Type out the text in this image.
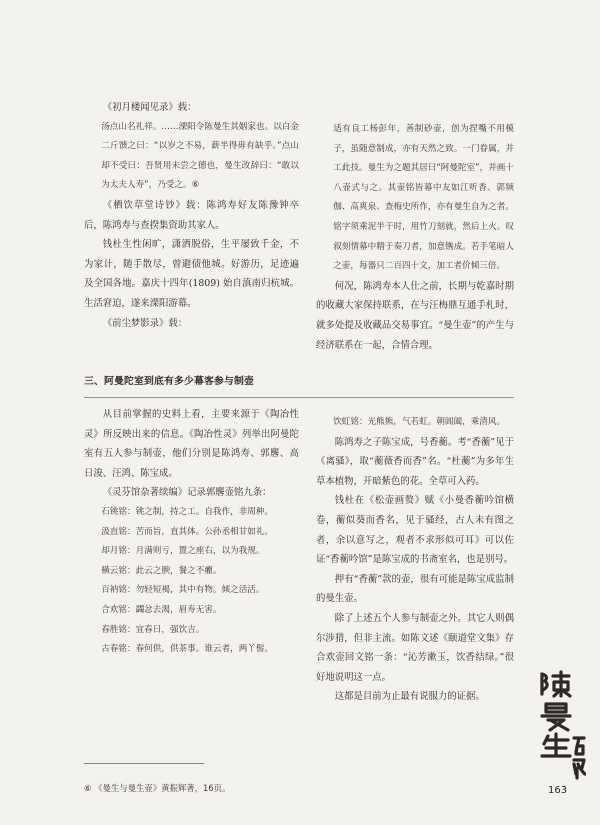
《初月楼闻见录》载：

汤点山名礼祥。……溧阳令陈曼生其姻家也。以白金二斤馈之曰：“以岁之不易，薪半得毋有缺乎。”点山却不受曰：吾贤用未尝之德也，曼生改辞曰：“敢以为太夫人寿”，乃受之。⑥

《栖饮草堂诗钞》载：陈鸿寿好友陈豫钟卒后，陈鸿寿与查揆集资助其家人。

钱杜生性闲旷，潇洒脱俗，生平屡致千金，不为家计，随手散尽，曾避债他城。好游历，足迹遍及全国各地。嘉庆十四年(1809) 始自滇南归杭城。生活窘迫，遂来溧阳游幕。

《前尘梦影录》载：

适有良工杨彭年，善制砂壶，创为捏嘴不用模子，虽随意制成，亦有天然之致。一门眷属，并工此技。曼生为之题其居曰“阿曼陀室”，并画十八壶式与之。其壶铭皆幕中友如江听香、郭频伽、高爽泉、查梅史所作，亦有曼生自为之者。铭字须乘泥半干时，用竹刀刻就，然后上火。叹叙刻情幕中精于奏刀者，加意镌成。若手笔暗人之壶，每器只二百四十文，加工者价倾三倍。

何况，陈鸿寿本人仕之前，长期与乾嘉时期的收藏大家保持联系，在与汪梅鼎互通手札时，就多处提及收藏品交易事宜。“曼生壶”的产生与经济联系在一起，合情合理。

三、阿曼陀室到底有多少幕客参与制壶

从目前掌握的史料上看，主要来源于《陶冶性灵》所反映出来的信息。《陶冶性灵》列举出阿曼陀室有五人参与制壶，他们分别是陈鸿寿、郭麐、高日浚、汪鸿、陈宝成。

《灵芬馆杂著续编》记录郭麐壶铭九条：

石铫铭：铫之制，持之工。自我作，非周种。

汲直铭：苦而旨，直其体。公孙丞相甘如礼。

却月铭：月满则亏，置之座右，以为我规。

横云铭：此云之腴，餐之不癯。

百衲铭：勿轻短褐，其中有物。倾之活活。

合欢铭：蠲忿去渴，眉寿无害。

春胜铭：宜春日，强饮吉。

古春铭：春何供，供茶事。谁云者，两丫髻。

饮虹铭：光熊熊，气若虹。朝阊阖，乘清风。

陈鸿寿之子陈宝成，号香蘅。考“香蘅”见于《离骚》，取“蘅薇香而香”名。“杜蘅”为多年生草本植物，开暗紫色的花。全草可入药。

钱杜在《松壶画赘》赋《小曼香蘅吟馆横卷，蘅似葵而香名，见于骚经，古人未有图之者，余以意写之，观者不求形似可耳》可以佐证“香蘅吟馆”是陈宝成的书斋室名，也是别号。

押有“香蘅”款的壶，很有可能是陈宝成监制的曼生壶。

除了上述五个人参与制壶之外。其它人则偶尔涉猎，但非主流。如陈文述《颐道堂文集》存合欢壶回文铭一条：“沁芳漱玉，饮香结绿。”很好地说明这一点。

这都是目前为止最有说服力的证据。

⑥ 《曼生与曼生壶》黄振辉著，16页。	163
